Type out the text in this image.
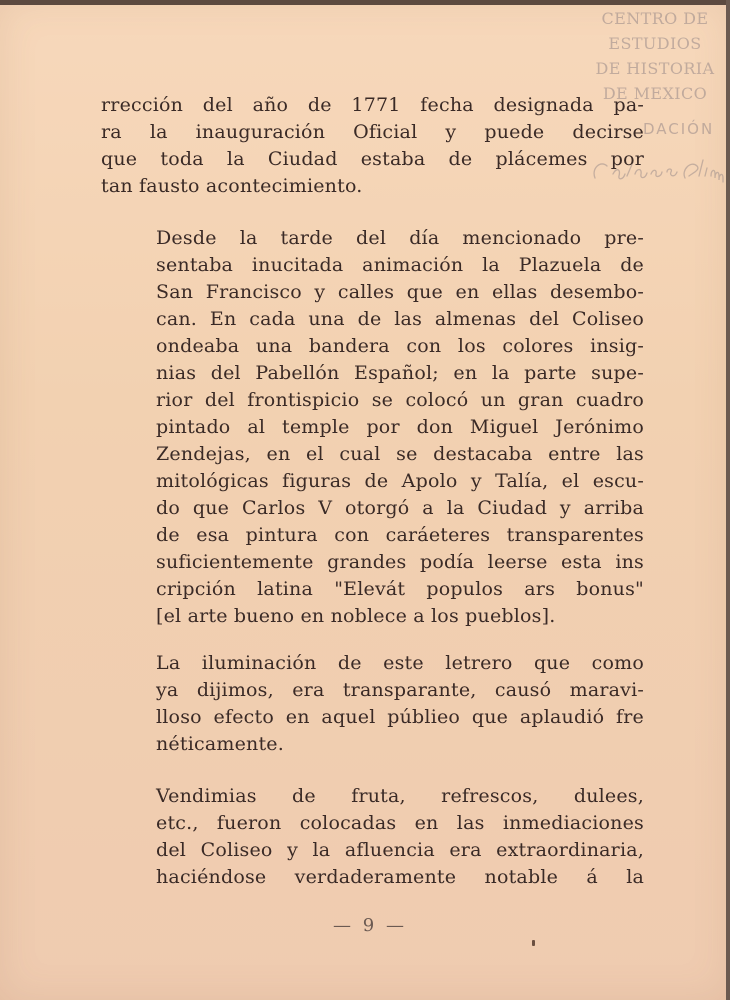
CENTRO DE
ESTUDIOS
DE HISTORIA
DE MEXICO
DACIÓN
rrección del año de 1771 fecha designada pa-
ra la inauguración Oficial y puede decirse
que toda la Ciudad estaba de plácemes por
tan fausto acontecimiento.
Desde la tarde del día mencionado pre-
sentaba inucitada animación la Plazuela de
San Francisco y calles que en ellas desembo-
can. En cada una de las almenas del Coliseo
ondeaba una bandera con los colores insig-
nias del Pabellón Español; en la parte supe-
rior del frontispicio se colocó un gran cuadro
pintado al temple por don Miguel Jerónimo
Zendejas, en el cual se destacaba entre las
mitológicas figuras de Apolo y Talía, el escu-
do que Carlos V otorgó a la Ciudad y arriba
de esa pintura con caráeteres transparentes
suficientemente grandes podía leerse esta ins
cripción latina "Elevát populos ars bonus"
[el arte bueno en noblece a los pueblos].
La iluminación de este letrero que como
ya dijimos, era transparante, causó maravi-
lloso efecto en aquel públieo que aplaudió fre
néticamente.
Vendimias de fruta, refrescos, dulees,
etc., fueron colocadas en las inmediaciones
del Coliseo y la afluencia era extraordinaria,
haciéndose verdaderamente notable á la
— 9 —
